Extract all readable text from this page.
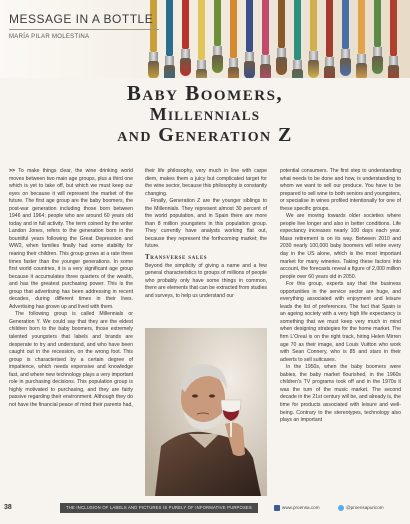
MESSAGE IN A BOTTLE
MARÍA PILAR MOLESTINA
Baby Boomers,
Millennials
and Generation Z

>> To make things clear, the wine drinking world moves between two main age groups, plus a third one which is yet to take off, but which we must keep our eyes on because it will represent the market of the future. The first age group are the baby boomers, the post-war generation including those born between 1946 and 1964; people who are around 60 years old today and in full activity. The term coined by the writer Landon Jones, refers to the generation born in the bountiful years following the Great Depression and WW2, when families finally had some stability for rearing their children. This group grows at a rate three times faster than the younger generations. In some first world countries, it is a very significant age group because it accumulates three quarters of the wealth, and has the greatest purchasing power. This is the group that advertising has been addressing in recent decades, during different times in their lives. Advertising has grown up and lived with them.

The following group is called Millennials or Generation Y. We could say that they are the eldest children born to the baby boomers, those extremely talented youngsters that labels and brands are desperate to try and understand, and who have been caught out in the recession, on the wrong foot. This group is characterised by a certain degree of impatience, which needs expensive and knowledge fast, and where new technology plays a very important role in purchasing decisions. This population group is highly motivated to purchasing, and they are fairly passive regarding their environment. Although they do not have the financial peace of mind their parents had,

their life philosophy, very much in line with carpe diem, makes them a juicy but complicated target for the wine sector, because this philosophy is constantly changing.

Finally, Generation Z are the younger siblings to the Millennials. They represent almost 30 percent of the world population, and in Spain there are more than 8 million youngsters in this population group. They currently have analysts working flat out, because they represent the forthcoming market; the future.

Transverse sales

Beyond the simplicity of giving a name and a few general characteristics to groups of millions of people who probably only have some things in common, there are elements that can be extracted from studies and surveys, to help us understand our

potential consumers. The first step to understanding what needs to be done and how, is understanding to whom we want to sell our produce. You have to be prepared to sell wine to both seniors and youngsters, or specialise in wines profiled intentionally for one of these specific groups.

We are moving towards older societies where people live longer and also in better conditions. Life expectancy increases nearly 100 days each year. Mass retirement is on its way. Between 2010 and 2030 nearly 100,000 baby boomers will retire every day in the US alone, which is the most important market for many wineries. Taking these factors into account, the forecasts reveal a figure of 2,000 million people over 60 years old in 2050.

For this group, experts say that the business opportunities in the service sector are huge, and everything associated with enjoyment and leisure leads the list of preferences. The fact that Spain is an ageing society with a very high life expectancy is something that we must keep very much in mind when designing strategies for the home market. The firm L'Oreal is on the right track, hiring Helen Mirren age 70 as their image, and Louis Vuitton who work with Sean Connery, who is 85 and stars in their adverts to sell suitcases.

In the 1950s, when the baby boomers were babies, the baby market flourished, in the 1960s children's TV programs took off and in the 1970s it was the turn of the music market. The second decade in the 21st century will be, and already is, the time for products associated with leisure and well-being. Contrary to the stereotypes, technology also plays an important

38	THE INCLUSION OF LABELS AND PICTURES IS PURELY OF INFORMATIVE PURPOSES	www.proensa.com	@proensapuricom
